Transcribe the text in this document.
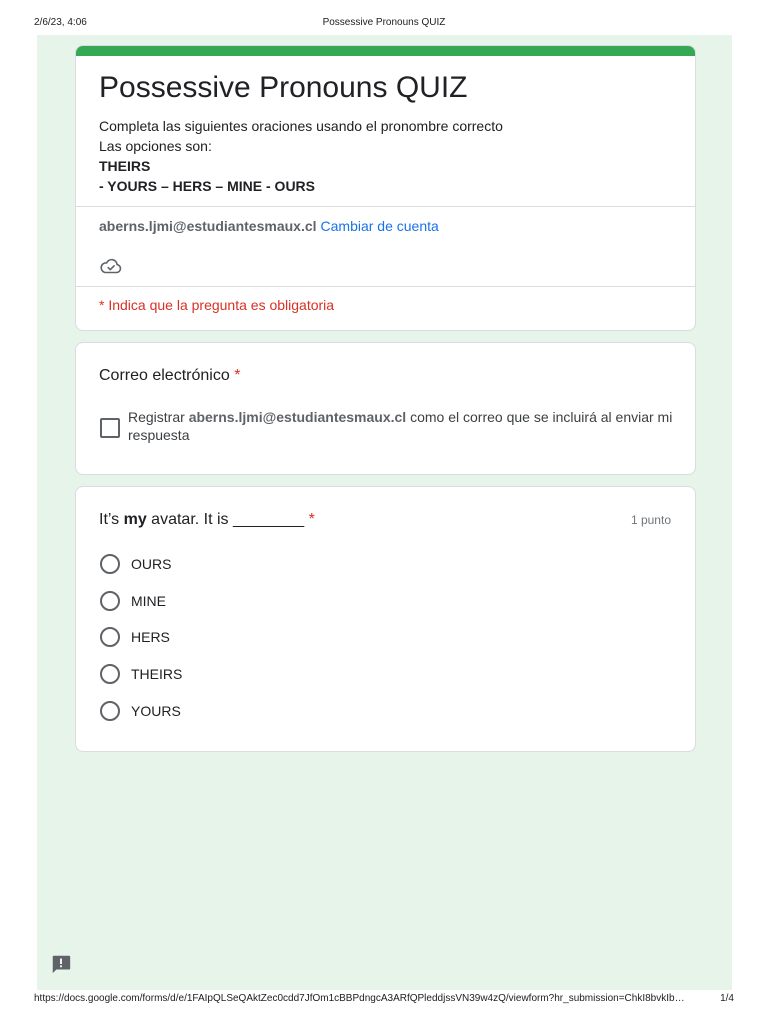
2/6/23, 4:06	Possessive Pronouns QUIZ
Possessive Pronouns QUIZ
Completa las siguientes oraciones usando el pronombre correcto
Las opciones son:
THEIRS
- YOURS – HERS – MINE - OURS
aberns.ljmi@estudiantesmaux.cl Cambiar de cuenta
* Indica que la pregunta es obligatoria
Correo electrónico *
Registrar aberns.ljmi@estudiantesmaux.cl como el correo que se incluirá al enviar mi respuesta
It’s my avatar. It is ________ *	1 punto
OURS
MINE
HERS
THEIRS
YOURS
https://docs.google.com/forms/d/e/1FAIpQLSeQAktZec0cdd7JfOm1cBBPdngcA3ARfQPleddjssVN39w4zQ/viewform?hr_submission=ChkI8bvkIb…	1/4
